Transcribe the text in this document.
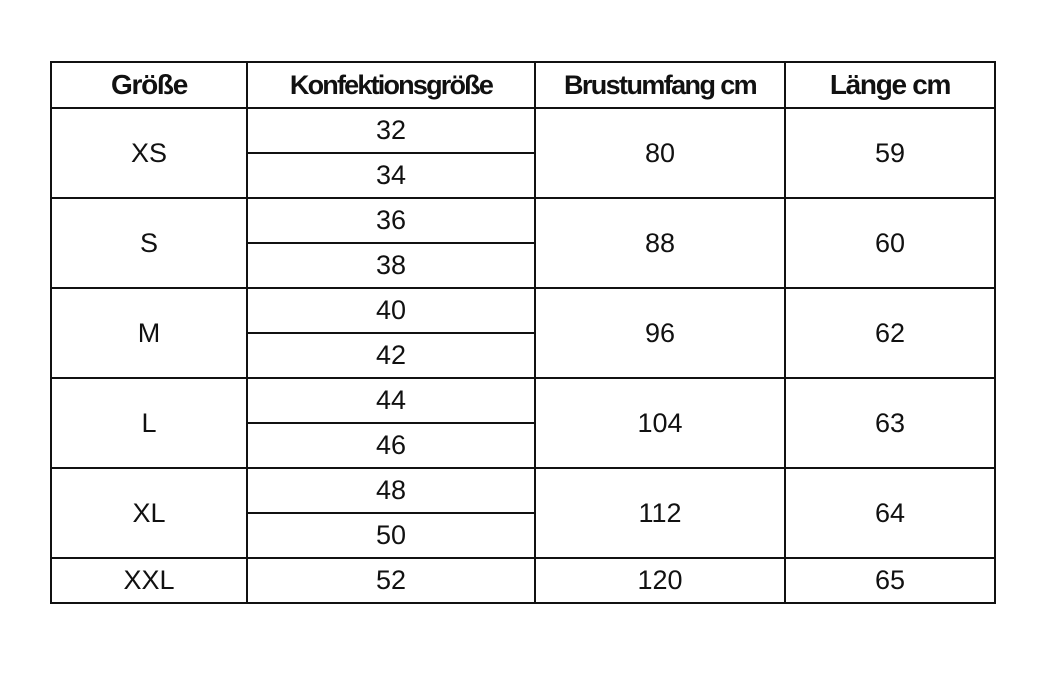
Größe	Konfektionsgröße	Brustumfang cm	Länge cm
XS	32	80	59
	34		
S	36	88	60
	38		
M	40	96	62
	42		
L	44	104	63
	46		
XL	48	112	64
	50		
XXL	52	120	65
